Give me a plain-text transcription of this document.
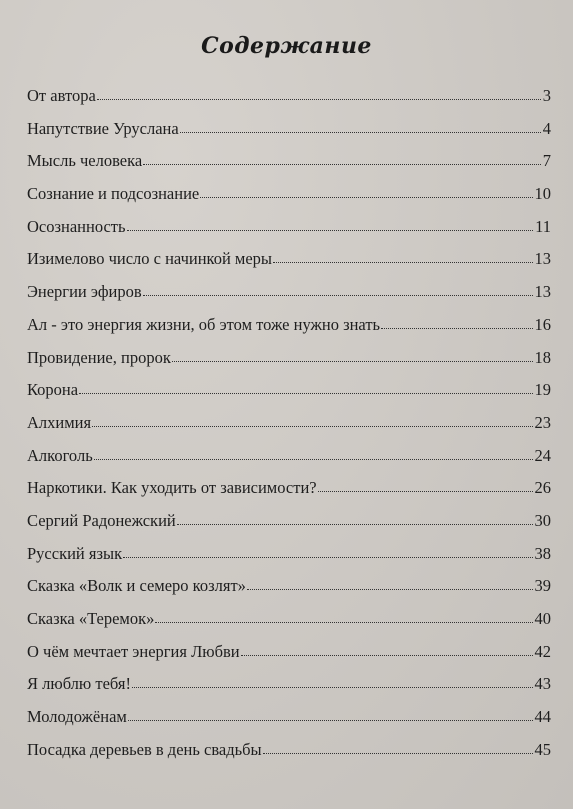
Содержание
От автора	3
Напутствие Уруслана	4
Мысль человека	7
Сознание и подсознание	10
Осознанность	11
Изимелово число с начинкой меры	13
Энергии эфиров	13
Ал - это энергия жизни, об этом тоже нужно знать	16
Провидение, пророк	18
Корона	19
Алхимия	23
Алкоголь	24
Наркотики. Как уходить от зависимости?	26
Сергий Радонежский	30
Русский язык	38
Сказка «Волк и семеро козлят»	39
Сказка «Теремок»	40
О чём мечтает энергия Любви	42
Я люблю тебя!	43
Молодожёнам	44
Посадка деревьев в день свадьбы	45
